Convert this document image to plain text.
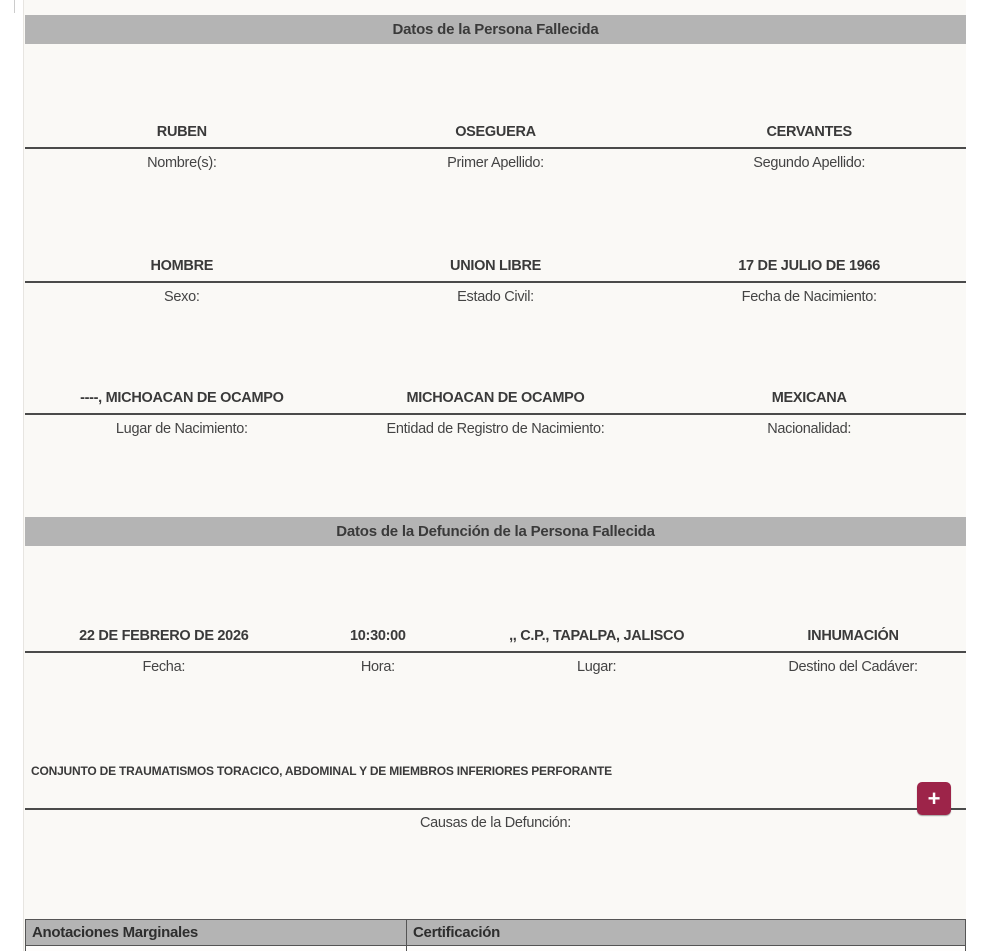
Datos de la Persona Fallecida
RUBEN	OSEGUERA	CERVANTES
Nombre(s):	Primer Apellido:	Segundo Apellido:
HOMBRE	UNION LIBRE	17 DE JULIO DE 1966
Sexo:	Estado Civil:	Fecha de Nacimiento:
----, MICHOACAN DE OCAMPO	MICHOACAN DE OCAMPO	MEXICANA
Lugar de Nacimiento:	Entidad de Registro de Nacimiento:	Nacionalidad:
Datos de la Defunción de la Persona Fallecida
22 DE FEBRERO DE 2026	10:30:00	,, C.P., TAPALPA, JALISCO	INHUMACIÓN
Fecha:	Hora:	Lugar:	Destino del Cadáver:
+
CONJUNTO DE TRAUMATISMOS TORACICO, ABDOMINAL Y DE MIEMBROS INFERIORES PERFORANTE
Causas de la Defunción:
Anotaciones Marginales	Certificación
